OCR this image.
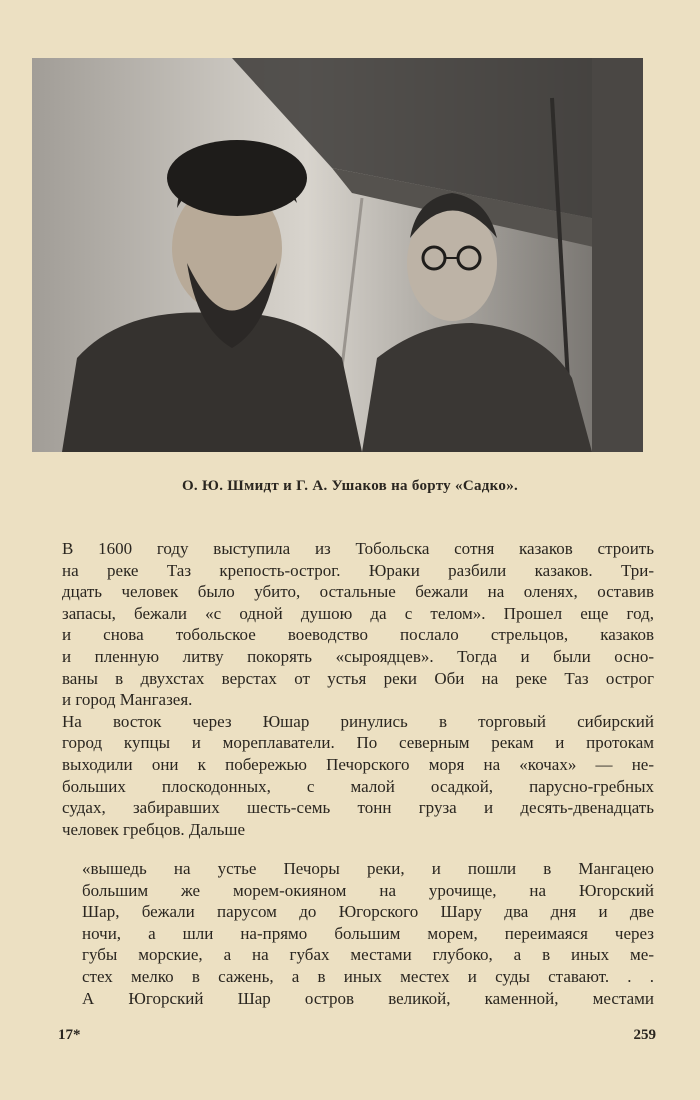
О. Ю. Шмидт и Г. А. Ушаков на борту «Садко».
В 1600 году выступила из Тобольска сотня казаков строить
на реке Таз крепость-острог. Юраки разбили казаков. Три-
дцать человек было убито, остальные бежали на оленях, оставив
запасы, бежали «с одной душою да с телом». Прошел еще год,
и снова тобольское воеводство послало стрельцов, казаков
и пленную литву покорять «сыроядцев». Тогда и были осно-
ваны в двухстах верстах от устья реки Оби на реке Таз острог
и город Мангазея.
На восток через Юшар ринулись в торговый сибирский
город купцы и мореплаватели. По северным рекам и протокам
выходили они к побережью Печорского моря на «кочах» — не-
больших плоскодонных, с малой осадкой, парусно-гребных
судах, забиравших шесть-семь тонн груза и десять-двенадцать
человек гребцов. Дальше
«вышедь на устье Печоры реки, и пошли в Мангацею
большим же морем-окияном на урочище, на Югорский
Шар, бежали парусом до Югорского Шару два дня и две
ночи, а шли на-прямо большим морем, переимаяся через
губы морские, а на губах местами глубоко, а в иных ме-
стех мелко в сажень, а в иных местех и суды ставают. . .
А Югорский Шар остров великой, каменной, местами
17*	259
